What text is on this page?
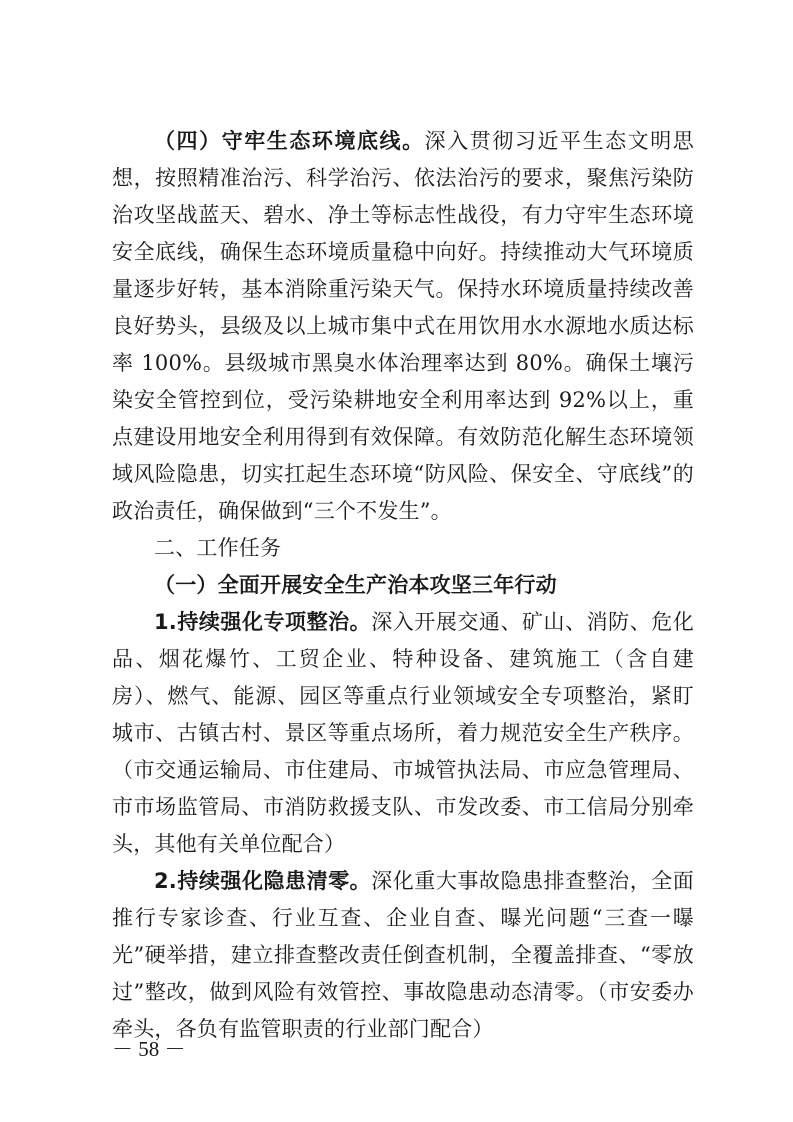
（四）守牢生态环境底线。深入贯彻习近平生态文明思想，按照精准治污、科学治污、依法治污的要求，聚焦污染防治攻坚战蓝天、碧水、净土等标志性战役，有力守牢生态环境安全底线，确保生态环境质量稳中向好。持续推动大气环境质量逐步好转，基本消除重污染天气。保持水环境质量持续改善良好势头，县级及以上城市集中式在用饮用水水源地水质达标率 100%。县级城市黑臭水体治理率达到 80%。确保土壤污染安全管控到位，受污染耕地安全利用率达到 92%以上，重点建设用地安全利用得到有效保障。有效防范化解生态环境领域风险隐患，切实扛起生态环境“防风险、保安全、守底线”的政治责任，确保做到“三个不发生”。

二、工作任务

（一）全面开展安全生产治本攻坚三年行动

1.持续强化专项整治。深入开展交通、矿山、消防、危化品、烟花爆竹、工贸企业、特种设备、建筑施工（含自建房）、燃气、能源、园区等重点行业领域安全专项整治，紧盯城市、古镇古村、景区等重点场所，着力规范安全生产秩序。（市交通运输局、市住建局、市城管执法局、市应急管理局、市市场监管局、市消防救援支队、市发改委、市工信局分别牵头，其他有关单位配合）

2.持续强化隐患清零。深化重大事故隐患排查整治，全面推行专家诊查、行业互查、企业自查、曝光问题“三查一曝光”硬举措，建立排查整改责任倒查机制，全覆盖排查、“零放过”整改，做到风险有效管控、事故隐患动态清零。（市安委办牵头，各负有监管职责的行业部门配合）

－ 58 －
